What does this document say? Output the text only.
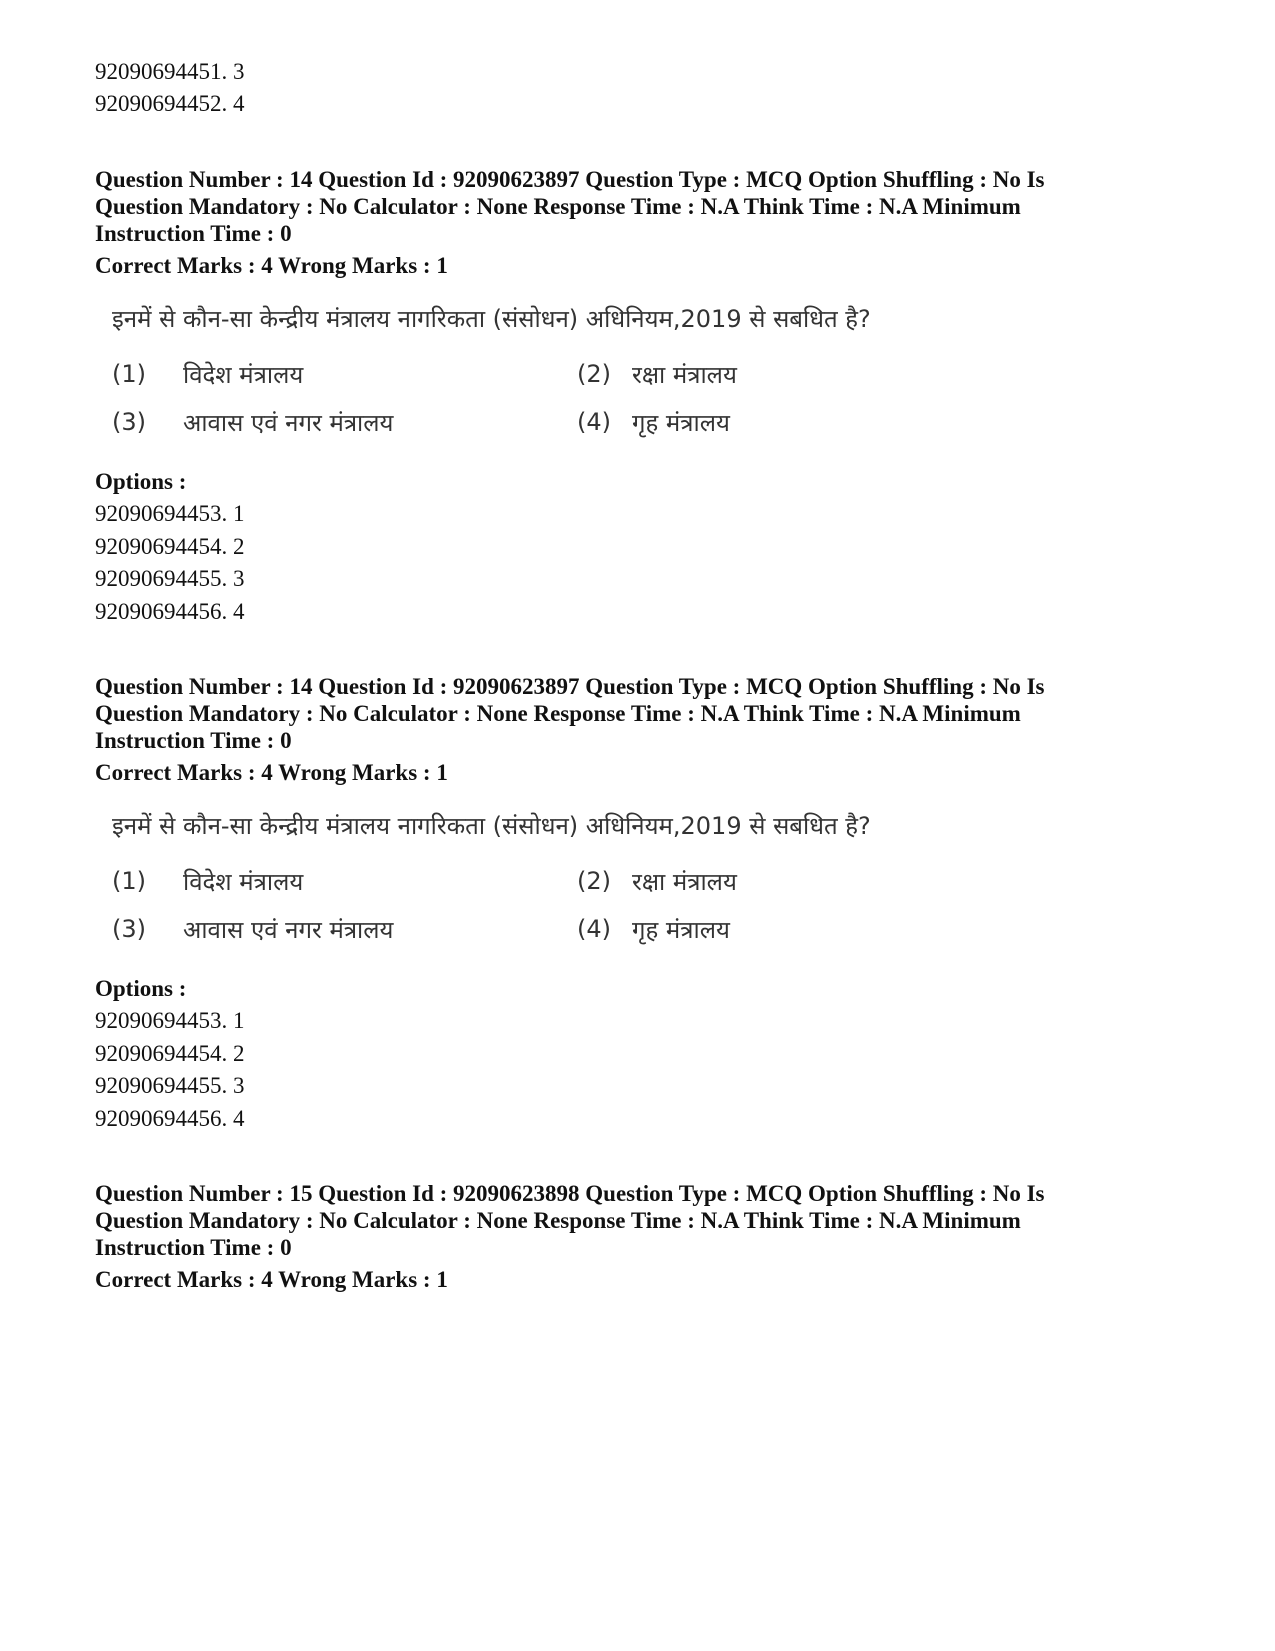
92090694451. 3
92090694452. 4
Question Number : 14 Question Id : 92090623897 Question Type : MCQ Option Shuffling : No Is
Question Mandatory : No Calculator : None Response Time : N.A Think Time : N.A Minimum
Instruction Time : 0
Correct Marks : 4 Wrong Marks : 1
इनमें से कौन-सा केन्द्रीय मंत्रालय नागरिकता (संसोधन) अधिनियम,2019 से सबधित है?
(1) विदेश मंत्रालय	(2) रक्षा मंत्रालय
(3) आवास एवं नगर मंत्रालय	(4) गृह मंत्रालय
Options :
92090694453. 1
92090694454. 2
92090694455. 3
92090694456. 4
Question Number : 14 Question Id : 92090623897 Question Type : MCQ Option Shuffling : No Is
Question Mandatory : No Calculator : None Response Time : N.A Think Time : N.A Minimum
Instruction Time : 0
Correct Marks : 4 Wrong Marks : 1
इनमें से कौन-सा केन्द्रीय मंत्रालय नागरिकता (संसोधन) अधिनियम,2019 से सबधित है?
(1) विदेश मंत्रालय	(2) रक्षा मंत्रालय
(3) आवास एवं नगर मंत्रालय	(4) गृह मंत्रालय
Options :
92090694453. 1
92090694454. 2
92090694455. 3
92090694456. 4
Question Number : 15 Question Id : 92090623898 Question Type : MCQ Option Shuffling : No Is
Question Mandatory : No Calculator : None Response Time : N.A Think Time : N.A Minimum
Instruction Time : 0
Correct Marks : 4 Wrong Marks : 1
